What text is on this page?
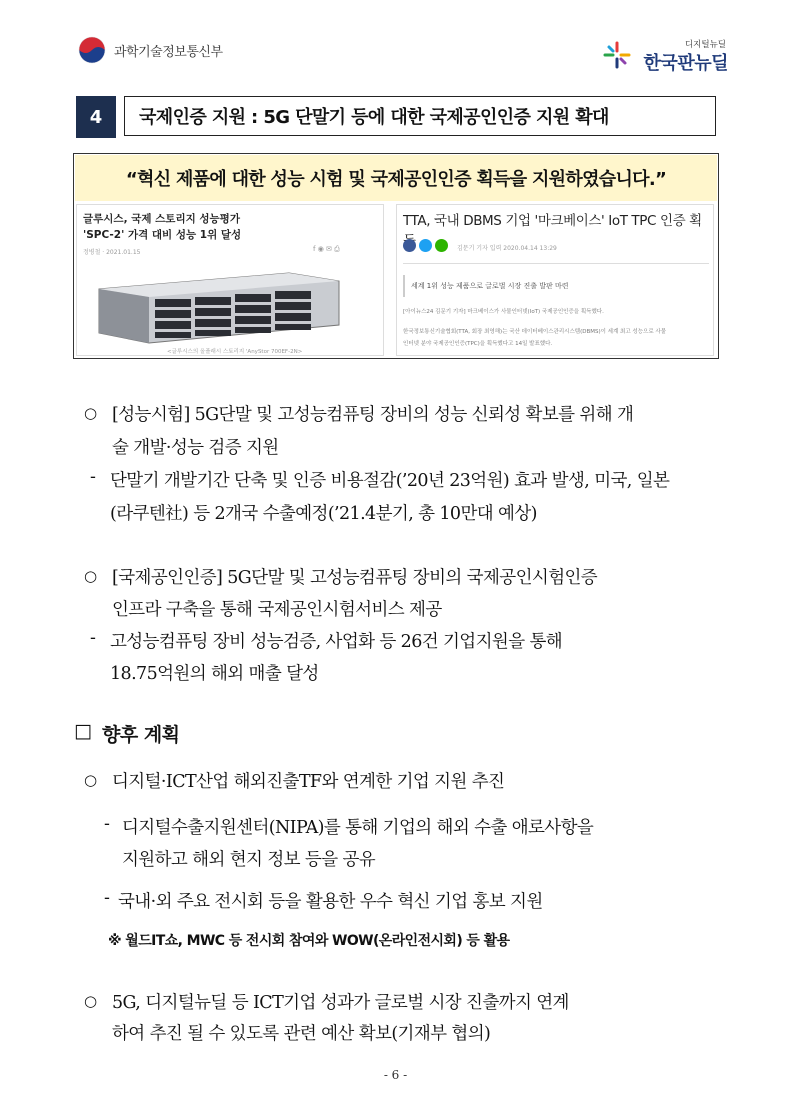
과학기술정보통신부	디지털뉴딜
한국판뉴딜
4	국제인증 지원 : 5G 단말기 등에 대한 국제공인인증 지원 확대
“혁신 제품에 대한 성능 시험 및 국제공인인증 획득을 지원하였습니다.”
글루시스, 국제 스토리지 성능평가 'SPC-2' 가격 대비 성능 1위 달성
정병철 · 2021.01.15	f ◉ ✉ ⎙
<글루시스의 올플래시 스토리지 'AnyStor 700EF-2N>
TTA, 국내 DBMS 기업 '마크베이스' IoT TPC 인증 획
김문기 기자 입력 2020.04.14 13:29
세계 1위 성능 제품으로 글로벌 시장 진출 발판 마련
[아이뉴스24 김문기 기자] 마크베이스가 사물인터넷(IoT) 국제공인인증을 획득했다.
한국정보통신기술협회(TTA, 회장 최영해)는 국산 데이터베이스관리시스템(DBMS)이 세계 최고 성능으로 사물
인터넷 분야 국제공인인증(TPC)을 획득했다고 14일 발표했다.
○ [성능시험] 5G단말 및 고성능컴퓨팅 장비의 성능 신뢰성 확보를 위해 개
술 개발·성능 검증 지원
- 단말기 개발기간 단축 및 인증 비용절감(’20년 23억원) 효과 발생, 미국, 일본
(라쿠텐社) 등 2개국 수출예정(’21.4분기, 총 10만대 예상)
○ [국제공인인증] 5G단말 및 고성능컴퓨팅 장비의 국제공인시험인증
인프라 구축을 통해 국제공인시험서비스 제공
- 고성능컴퓨팅 장비 성능검증, 사업화 등 26건 기업지원을 통해
18.75억원의 해외 매출 달성
□ 향후 계획
○ 디지털·ICT산업 해외진출TF와 연계한 기업 지원 추진
- 디지털수출지원센터(NIPA)를 통해 기업의 해외 수출 애로사항을
지원하고 해외 현지 정보 등을 공유
- 국내·외 주요 전시회 등을 활용한 우수 혁신 기업 홍보 지원
※ 월드IT쇼, MWC 등 전시회 참여와 WOW(온라인전시회) 등 활용
○ 5G, 디지털뉴딜 등 ICT기업 성과가 글로벌 시장 진출까지 연계
하여 추진 될 수 있도록 관련 예산 확보(기재부 협의)
- 6 -
